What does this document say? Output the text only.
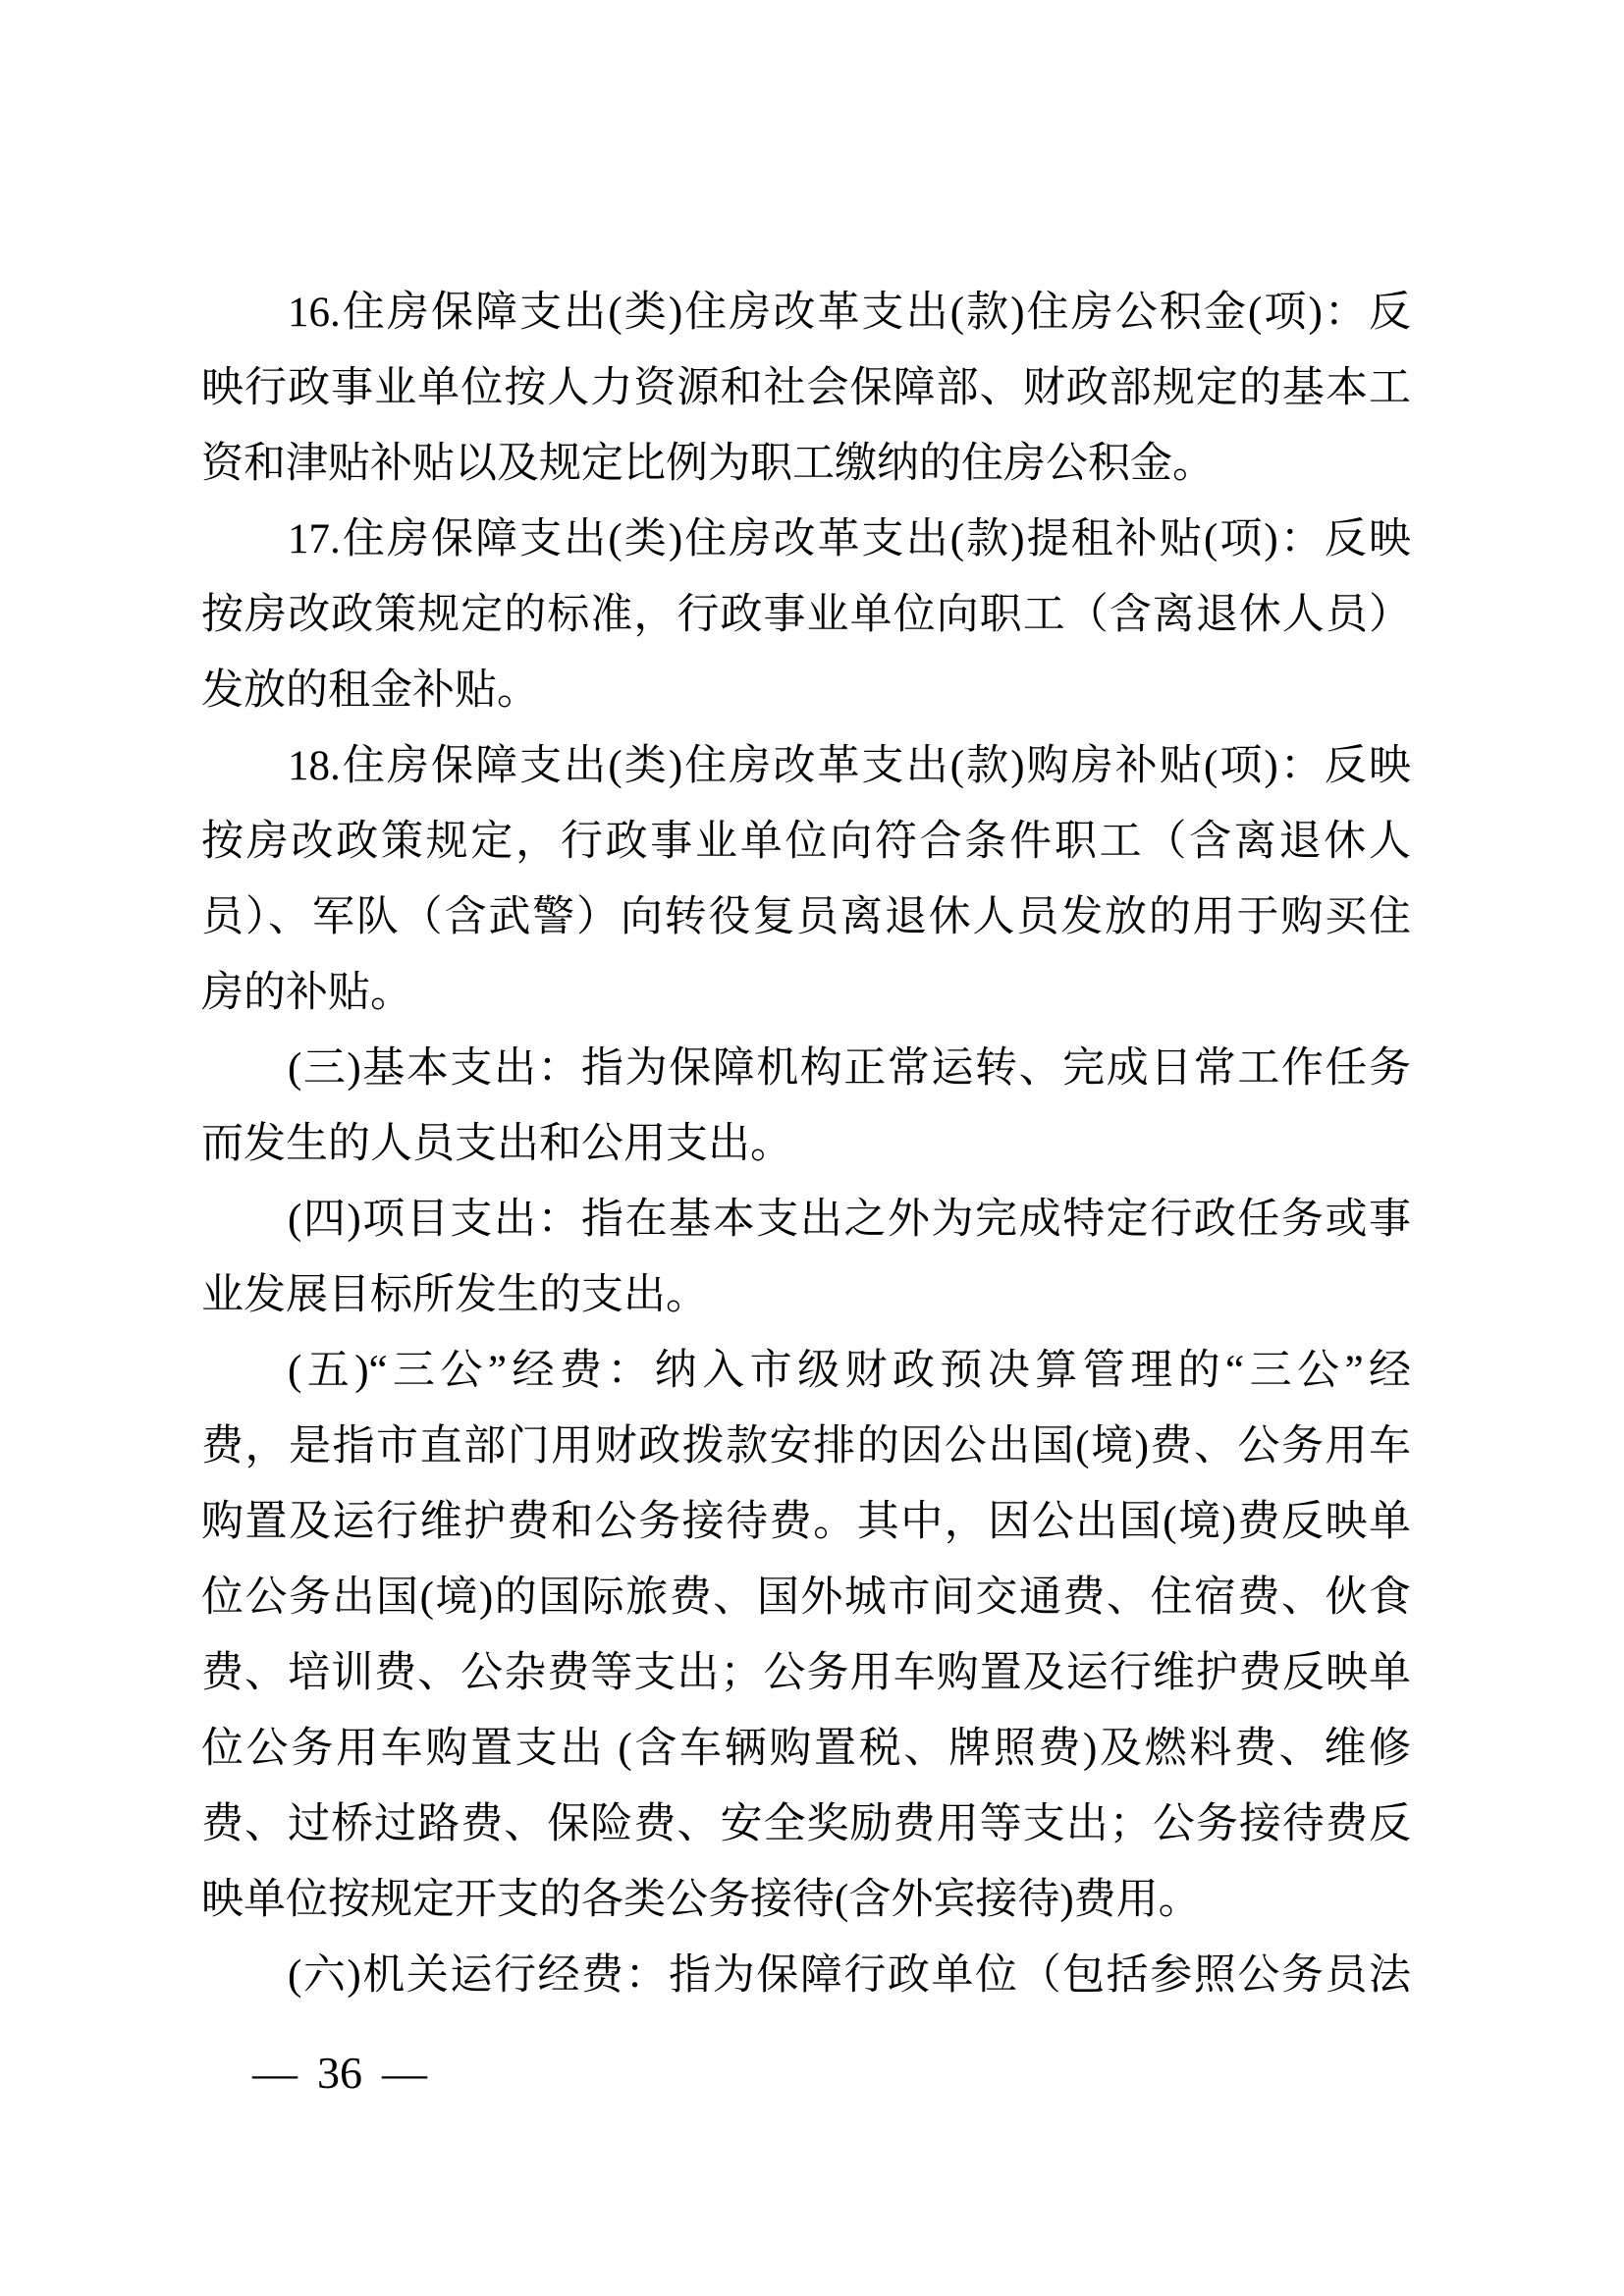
16.住房保障支出(类)住房改革支出(款)住房公积金(项)：反
映行政事业单位按人力资源和社会保障部、财政部规定的基本工
资和津贴补贴以及规定比例为职工缴纳的住房公积金。
17.住房保障支出(类)住房改革支出(款)提租补贴(项)：反映
按房改政策规定的标准，行政事业单位向职工（含离退休人员）
发放的租金补贴。
18.住房保障支出(类)住房改革支出(款)购房补贴(项)：反映
按房改政策规定，行政事业单位向符合条件职工（含离退休人
员）、军队（含武警）向转役复员离退休人员发放的用于购买住
房的补贴。
(三)基本支出：指为保障机构正常运转、完成日常工作任务
而发生的人员支出和公用支出。
(四)项目支出：指在基本支出之外为完成特定行政任务或事
业发展目标所发生的支出。
(五)“三公”经费：纳入市级财政预决算管理的“三公”经
费，是指市直部门用财政拨款安排的因公出国(境)费、公务用车
购置及运行维护费和公务接待费。其中，因公出国(境)费反映单
位公务出国(境)的国际旅费、国外城市间交通费、住宿费、伙食
费、培训费、公杂费等支出；公务用车购置及运行维护费反映单
位公务用车购置支出 (含车辆购置税、牌照费)及燃料费、维修
费、过桥过路费、保险费、安全奖励费用等支出；公务接待费反
映单位按规定开支的各类公务接待(含外宾接待)费用。
(六)机关运行经费：指为保障行政单位（包括参照公务员法
— 36 —
